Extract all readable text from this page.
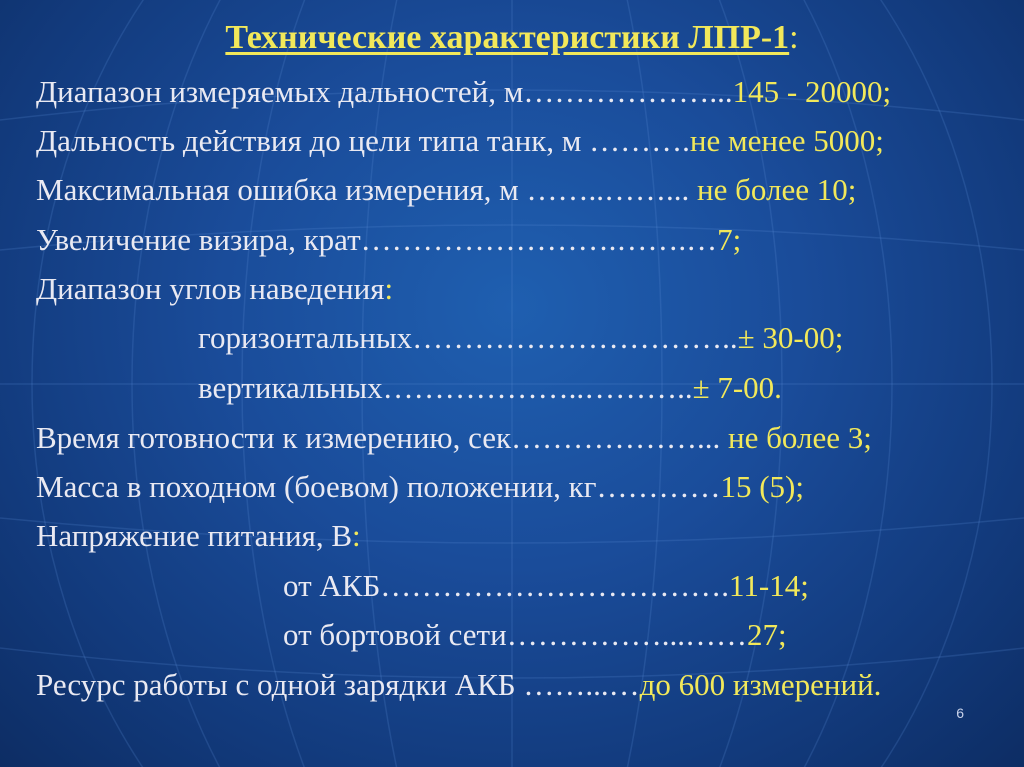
Технические характеристики ЛПР-1:
Диапазон измеряемых дальностей, м………………...145 - 20000;
Дальность действия до цели типа танк, м ……….не менее 5000;
Максимальная ошибка измерения, м ……..……... не более 10;
Увеличение визира, крат…………………….…….…7;
Диапазон углов наведения:
горизонтальных…………………………..± 30-00;
вертикальных………………..………..± 7-00.
Время готовности к измерению, сек………………... не более 3;
Масса в походном (боевом) положении, кг…………15 (5);
Напряжение питания, В:
от АКБ…………………………….11-14;
от бортовой сети……………...……27;
Ресурс работы с одной зарядки АКБ ……...…до 600 измерений.
6
